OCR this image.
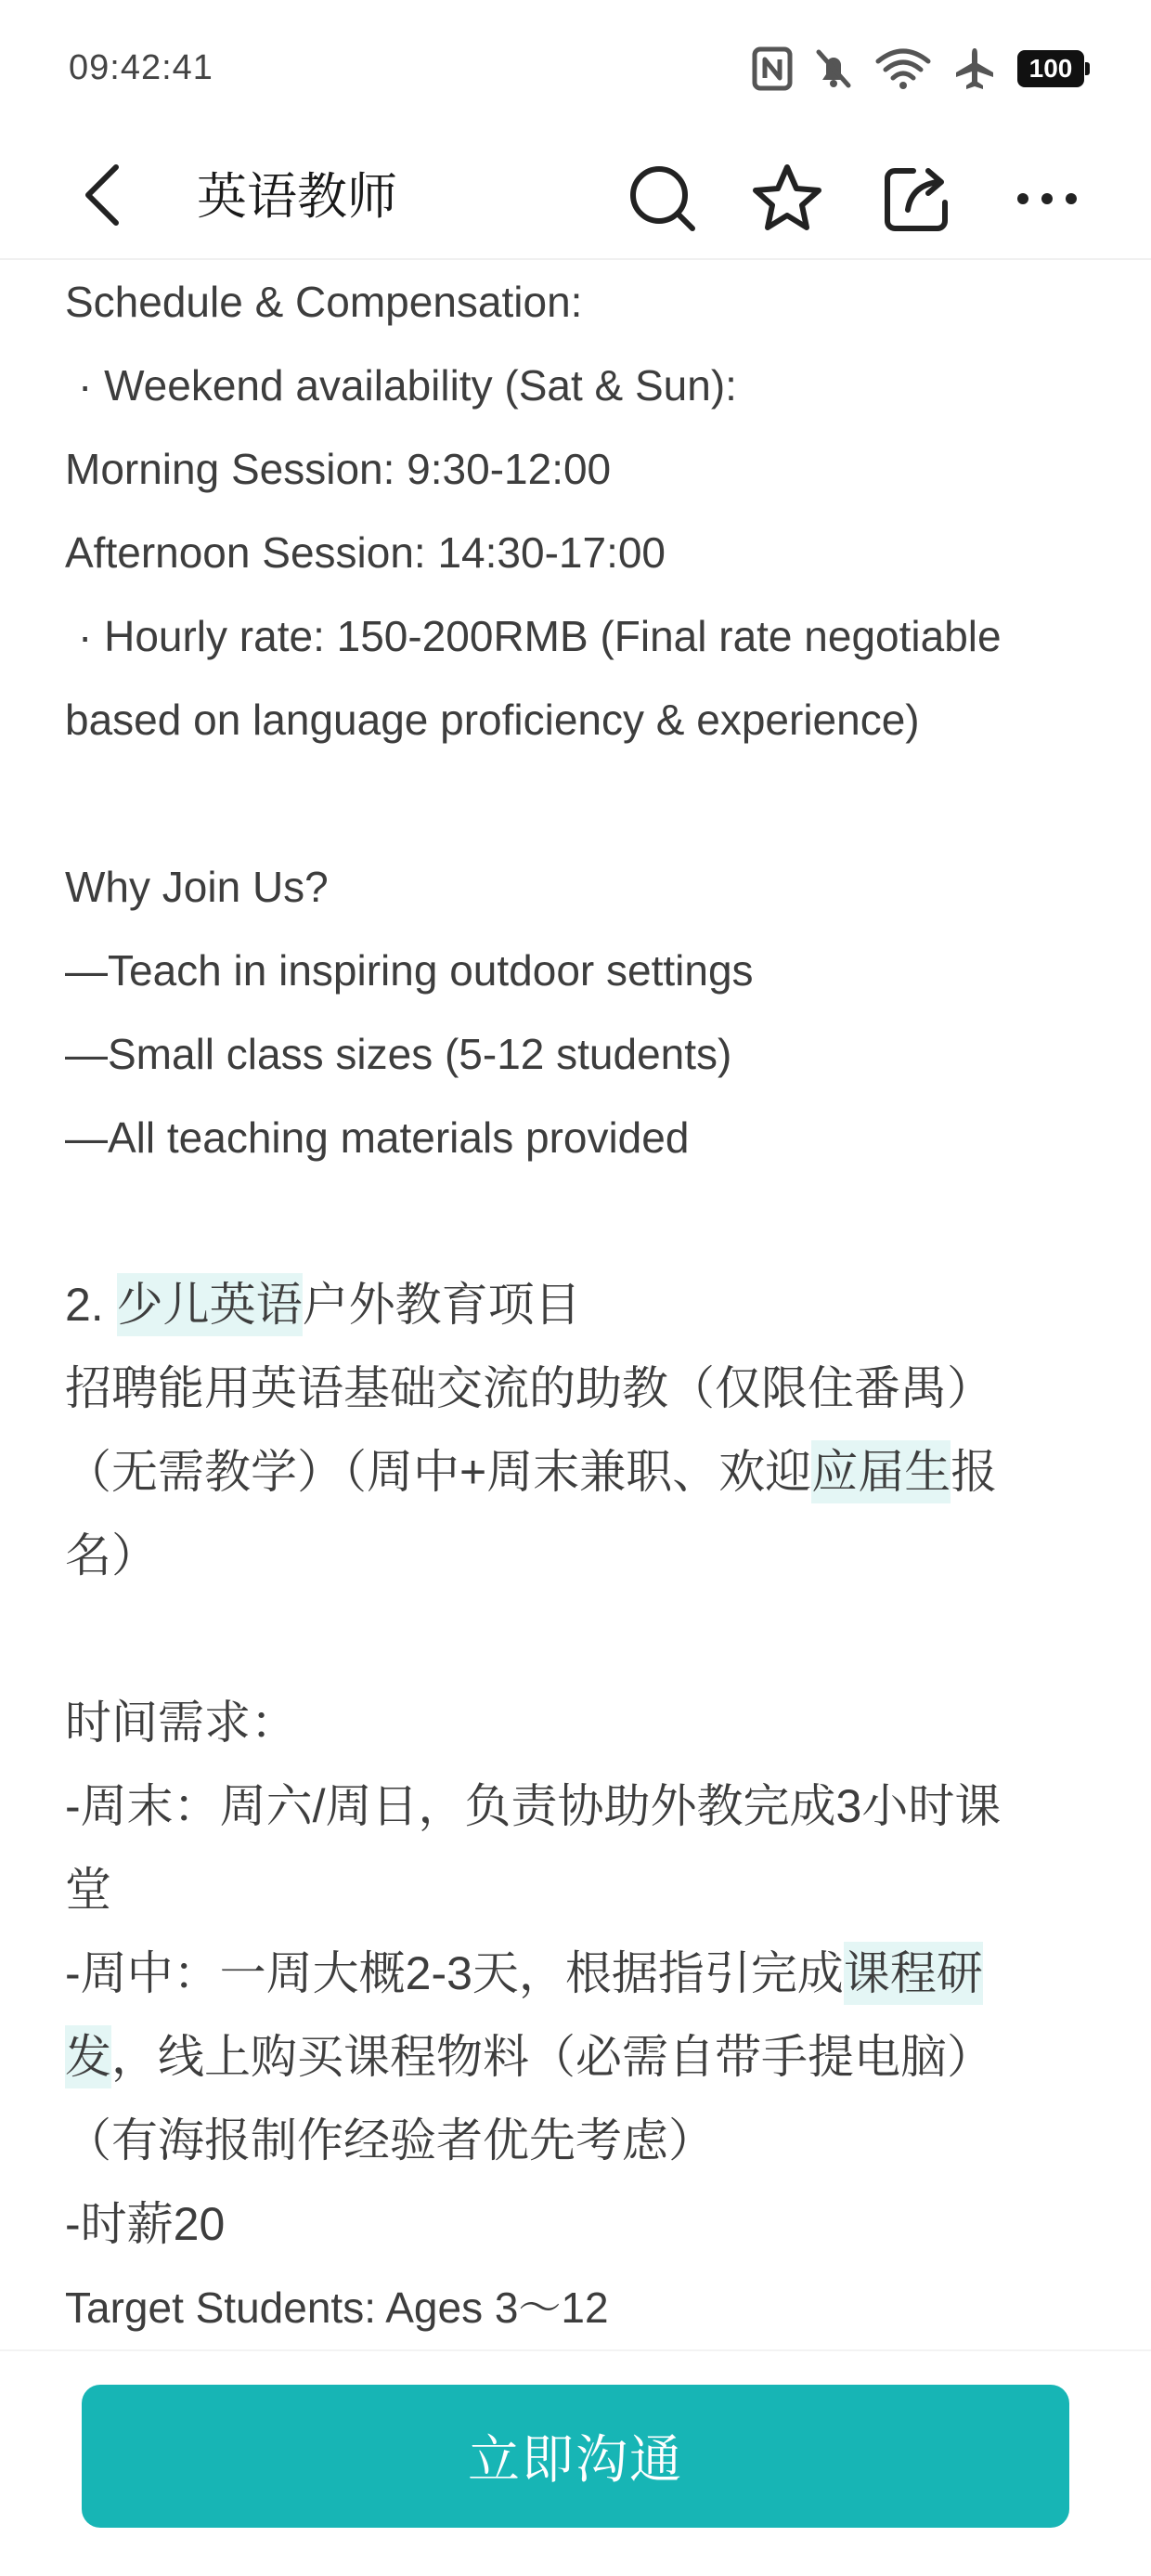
09:42:41	100
英语教师

Schedule & Compensation:

· Weekend availability (Sat & Sun):

Morning Session: 9:30-12:00

Afternoon Session: 14:30-17:00

· Hourly rate: 150-200RMB (Final rate negotiable

based on language proficiency & experience)

Why Join Us?

—Teach in inspiring outdoor settings

—Small class sizes (5-12 students)

—All teaching materials provided

2. 少儿英语户外教育项目

招聘能用英语基础交流的助教（仅限住番禺）

（无需教学）（周中+周末兼职、欢迎应届生报

名）

时间需求：

-周末：周六/周日，负责协助外教完成3小时课

堂

-周中：一周大概2-3天，根据指引完成课程研

发，线上购买课程物料（必需自带手提电脑）

（有海报制作经验者优先考虑）

-时薪20

Target Students: Ages 3～12

立即沟通
